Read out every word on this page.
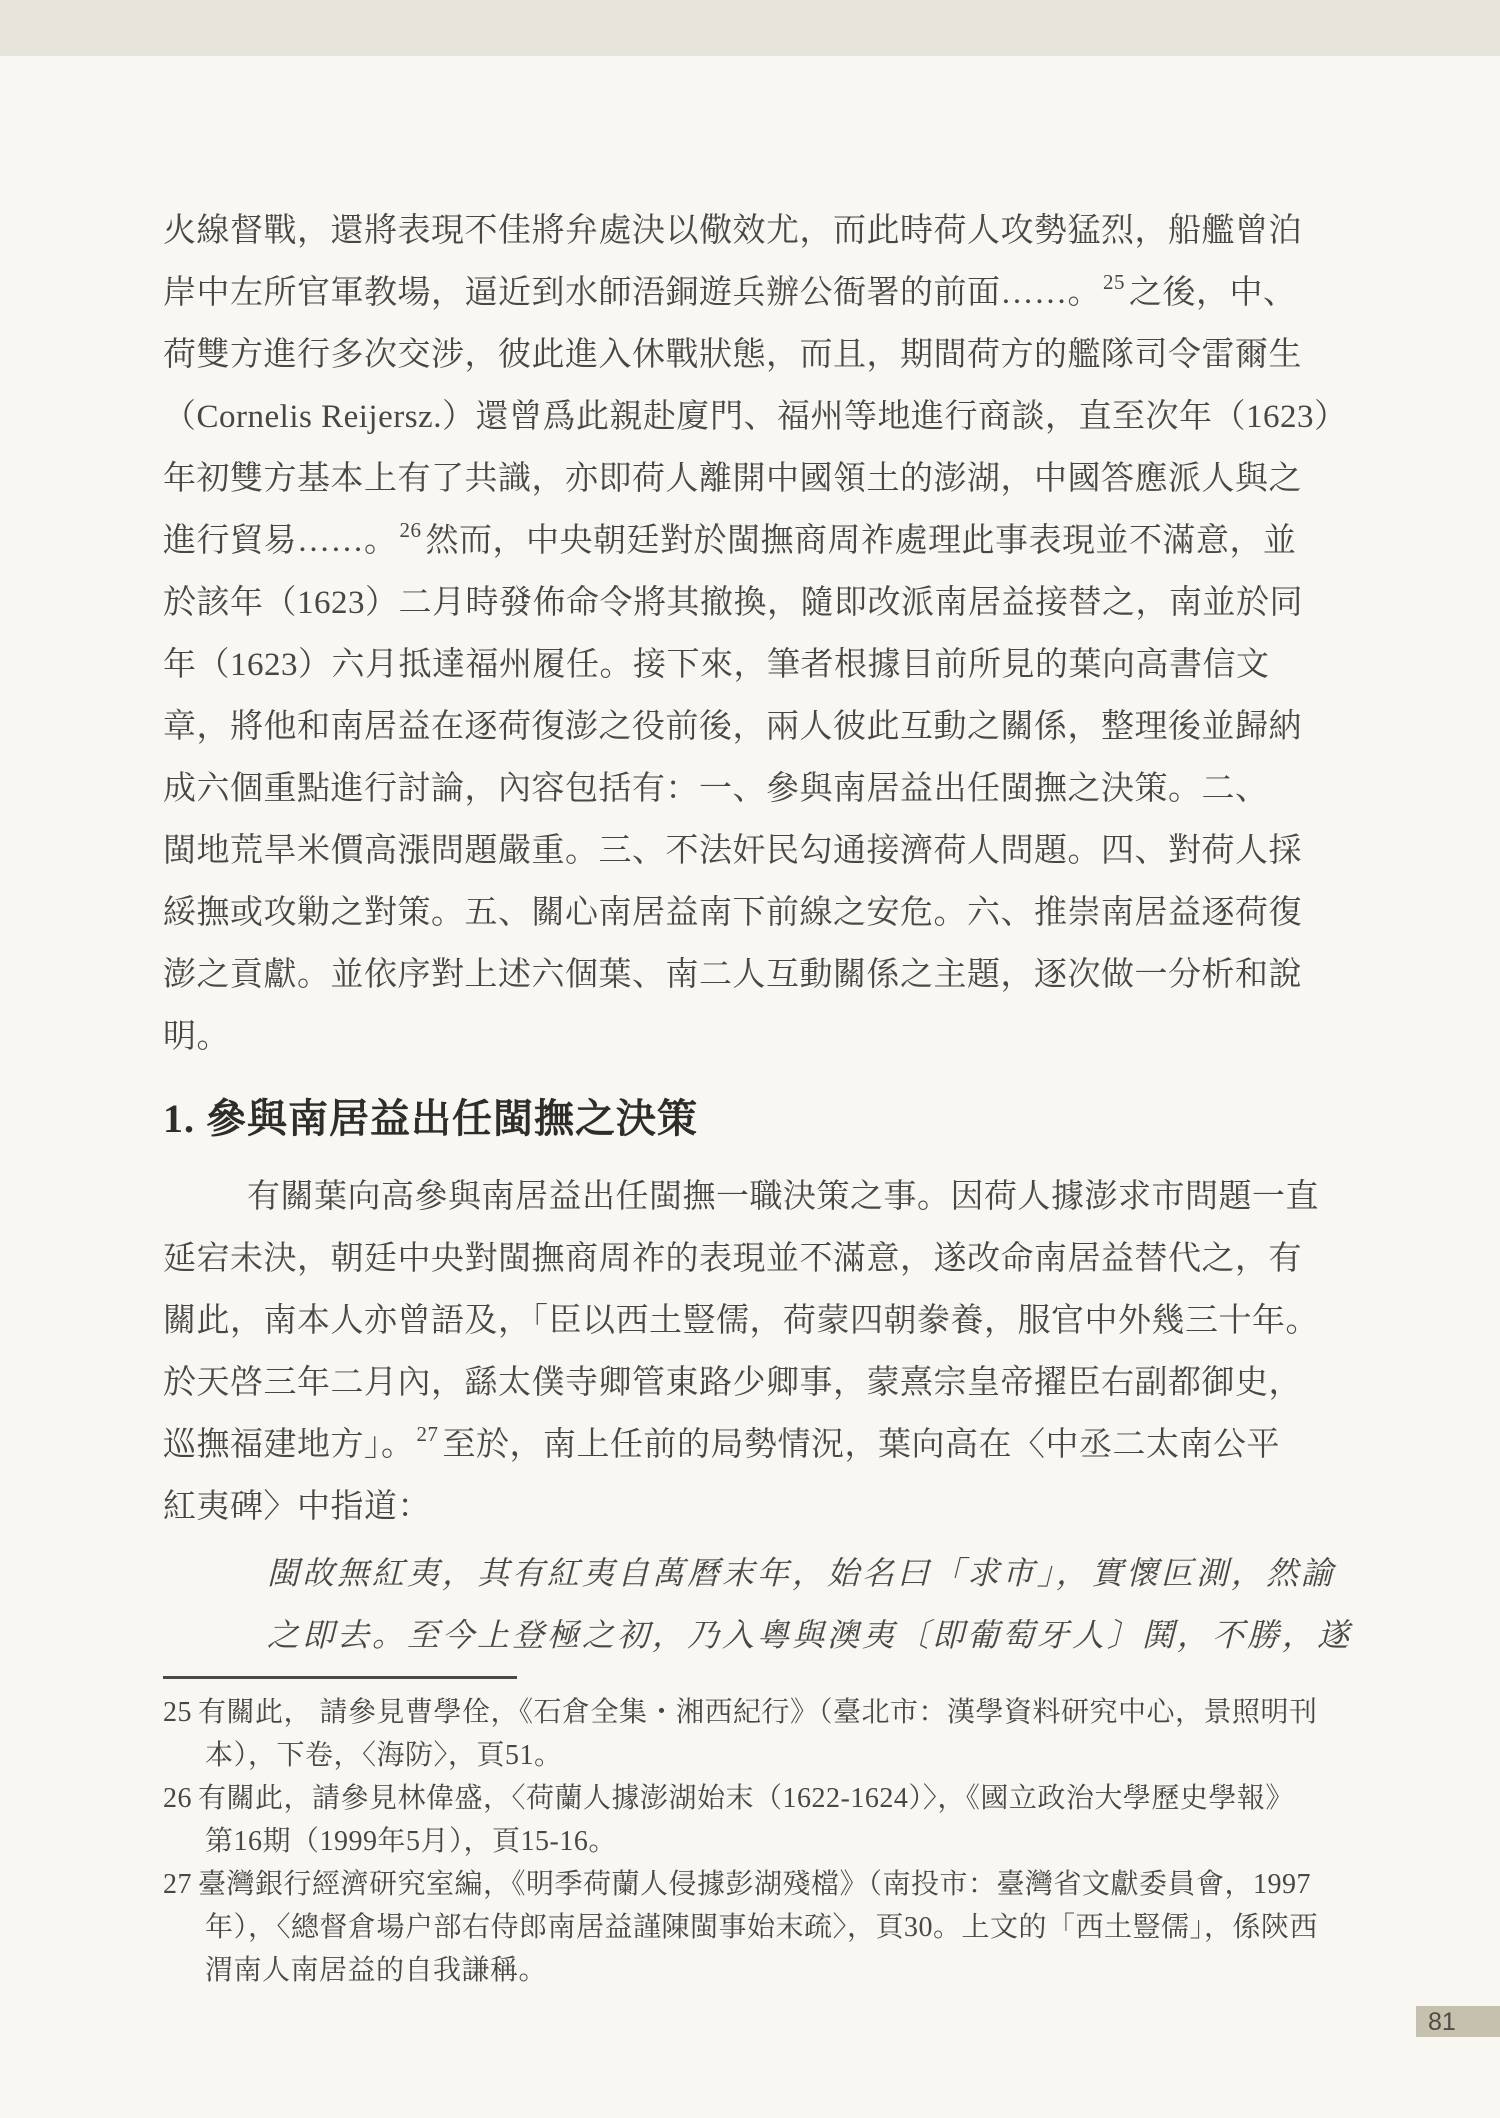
火線督戰，還將表現不佳將弁處決以儆效尤，而此時荷人攻勢猛烈，船艦曾泊
岸中左所官軍教場，逼近到水師浯銅遊兵辦公衙署的前面……。$^{25}$ 之後，中、
荷雙方進行多次交涉，彼此進入休戰狀態，而且，期間荷方的艦隊司令雷爾生
（Cornelis Reijersz.）還曾爲此親赴廈門、福州等地進行商談，直至次年（1623）
年初雙方基本上有了共識，亦即荷人離開中國領土的澎湖，中國答應派人與之
進行貿易……。$^{26}$ 然而，中央朝廷對於閩撫商周祚處理此事表現並不滿意，並
於該年（1623）二月時發佈命令將其撤換，隨即改派南居益接替之，南並於同
年（1623）六月抵達福州履任。接下來，筆者根據目前所見的葉向高書信文
章，將他和南居益在逐荷復澎之役前後，兩人彼此互動之關係，整理後並歸納
成六個重點進行討論，內容包括有：一、參與南居益出任閩撫之決策。二、
閩地荒旱米價高漲問題嚴重。三、不法奸民勾通接濟荷人問題。四、對荷人採
綏撫或攻勦之對策。五、關心南居益南下前線之安危。六、推崇南居益逐荷復
澎之貢獻。並依序對上述六個葉、南二人互動關係之主題，逐次做一分析和說
明。
1. 參與南居益出任閩撫之決策
有關葉向高參與南居益出任閩撫一職決策之事。因荷人據澎求市問題一直
延宕未決，朝廷中央對閩撫商周祚的表現並不滿意，遂改命南居益替代之，有
關此，南本人亦曾語及，「臣以西土豎儒，荷蒙四朝豢養，服官中外幾三十年。
於天啓三年二月內，繇太僕寺卿管東路少卿事，蒙熹宗皇帝擢臣右副都御史，
巡撫福建地方」。$^{27}$ 至於，南上任前的局勢情況，葉向高在〈中丞二太南公平
紅夷碑〉中指道：
閩故無紅夷，其有紅夷自萬曆末年，始名曰「求市」，實懷叵測，然諭
之即去。至今上登極之初，乃入粵與澳夷〔即葡萄牙人〕鬨，不勝，遂
25 有關此， 請參見曹學佺，《石倉全集・湘西紀行》（臺北市：漢學資料研究中心，景照明刊
本），下卷，〈海防〉，頁51。
26 有關此，請參見林偉盛，〈荷蘭人據澎湖始末（1622-1624）〉，《國立政治大學歷史學報》
第16期（1999年5月），頁15-16。
27 臺灣銀行經濟研究室編，《明季荷蘭人侵據彭湖殘檔》（南投市：臺灣省文獻委員會，1997
年），〈總督倉場户部右侍郎南居益謹陳閩事始末疏〉，頁30。上文的「西土豎儒」，係陝西
渭南人南居益的自我謙稱。
81
